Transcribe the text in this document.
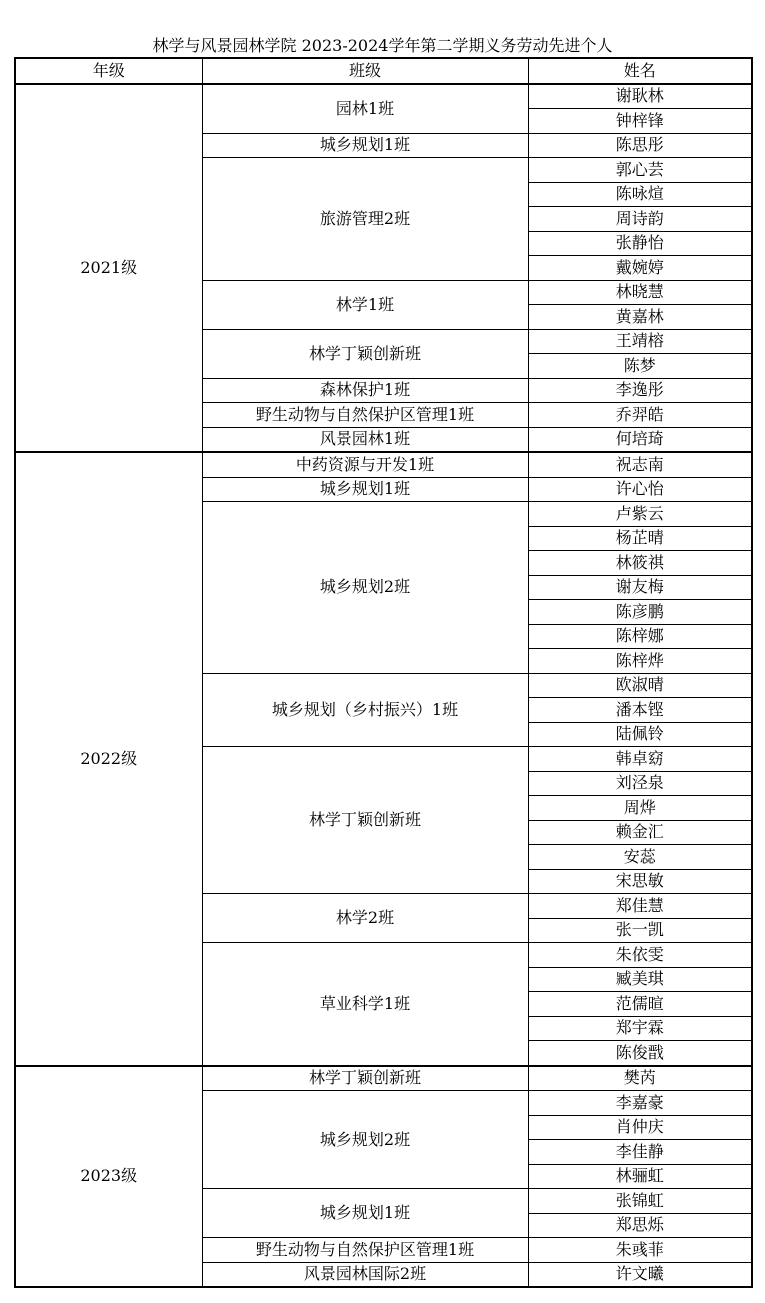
林学与风景园林学院 2023-2024学年第二学期义务劳动先进个人
年级	班级	姓名
2021级	园林1班	谢耿林
		钟梓锋
	城乡规划1班	陈思彤
	旅游管理2班	郭心芸
		陈咏煊
		周诗韵
		张静怡
		戴婉婷
	林学1班	林晓慧
		黄嘉林
	林学丁颖创新班	王靖榕
		陈梦
	森林保护1班	李逸彤
	野生动物与自然保护区管理1班	乔羿皓
	风景园林1班	何培琦
2022级	中药资源与开发1班	祝志南
	城乡规划1班	许心怡
	城乡规划2班	卢紫云
		杨芷晴
		林筱祺
		谢友梅
		陈彦鹏
		陈梓娜
		陈梓烨
	城乡规划（乡村振兴）1班	欧淑晴
		潘本铿
		陆佩铃
	林学丁颖创新班	韩卓窈
		刘泾泉
		周烨
		赖金汇
		安蕊
		宋思敏
	林学2班	郑佳慧
		张一凯
	草业科学1班	朱依雯
		臧美琪
		范儒暄
		郑宇霖
		陈俊戬
2023级	林学丁颖创新班	樊芮
	城乡规划2班	李嘉豪
		肖仲庆
		李佳静
		林骊虹
	城乡规划1班	张锦虹
		郑思烁
	野生动物与自然保护区管理1班	朱彧菲
	风景园林国际2班	许文曦
